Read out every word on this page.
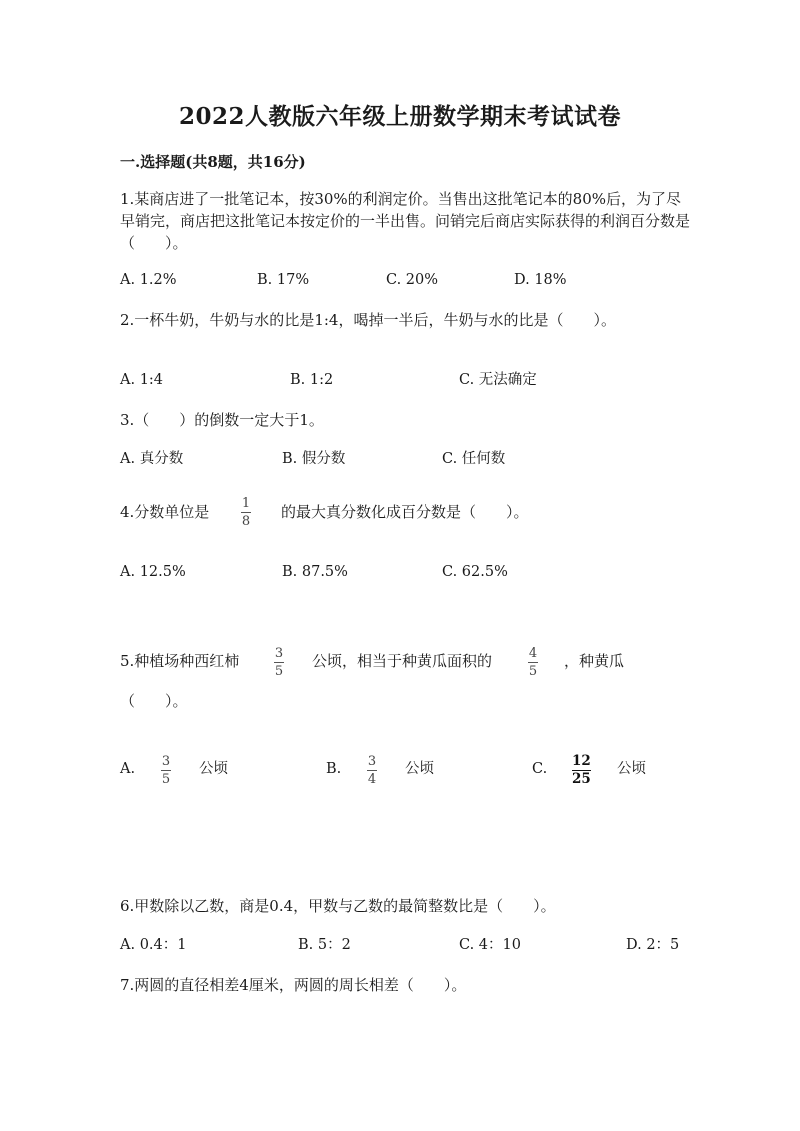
2022人教版六年级上册数学期末考试试卷
一.选择题(共8题，共16分)
1.某商店进了一批笔记本，按30%的利润定价。当售出这批笔记本的80%后，为了尽早销完，商店把这批笔记本按定价的一半出售。问销完后商店实际获得的利润百分数是（　　）。
A. 1.2%	B. 17%	C. 20%	D. 18%
2.一杯牛奶，牛奶与水的比是1:4，喝掉一半后，牛奶与水的比是（　　）。
A. 1:4	B. 1:2	C. 无法确定
3.（　　）的倒数一定大于1。
A. 真分数	B. 假分数	C. 任何数
4.分数单位是	1
8
的最大真分数化成百分数是（　　）。
A. 12.5%	B. 87.5%	C. 62.5%
5.种植场种西红柿	3
5
公顷，相当于种黄瓜面积的	4
5
，种黄瓜
（　　）。
A. 3
5
公顷	B. 3
4
公顷	C. 12
25
公顷
6.甲数除以乙数，商是0.4，甲数与乙数的最简整数比是（　　）。
A. 0.4：1	B. 5：2	C. 4：10	D. 2：5
7.两圆的直径相差4厘米，两圆的周长相差（　　）。
